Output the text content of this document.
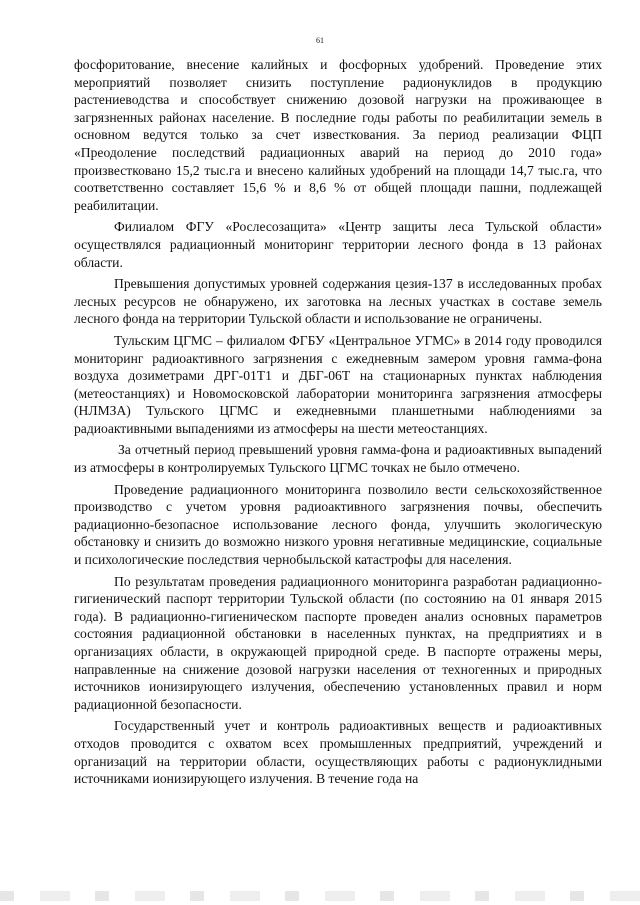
61

фосфоритование, внесение калийных и фосфорных удобрений. Проведение этих мероприятий позволяет снизить поступление радионуклидов в продукцию растениеводства и способствует снижению дозовой нагрузки на проживающее в загрязненных районах население. В последние годы работы по реабилитации земель в основном ведутся только за счет известкования. За период реализации ФЦП «Преодоление последствий радиационных аварий на период до 2010 года» произвестковано 15,2 тыс.га и внесено калийных удобрений на площади 14,7 тыс.га, что соответственно составляет 15,6 % и 8,6 % от общей площади пашни, подлежащей реабилитации.

Филиалом ФГУ «Рослесозащита» «Центр защиты леса Тульской области» осуществлялся радиационный мониторинг территории лесного фонда в 13 районах области.

Превышения допустимых уровней содержания цезия-137 в исследованных пробах лесных ресурсов не обнаружено, их заготовка на лесных участках в составе земель лесного фонда на территории Тульской области и использование не ограничены.

Тульским ЦГМС – филиалом ФГБУ «Центральное УГМС» в 2014 году проводился мониторинг радиоактивного загрязнения с ежедневным замером уровня гамма-фона воздуха дозиметрами ДРГ-01Т1 и ДБГ-06Т на стационарных пунктах наблюдения (метеостанциях) и Новомосковской лаборатории мониторинга загрязнения атмосферы (НЛМЗА) Тульского ЦГМС и ежедневными планшетными наблюдениями за радиоактивными выпадениями из атмосферы на шести метеостанциях.

За отчетный период превышений уровня гамма-фона и радиоактивных выпадений из атмосферы в контролируемых Тульского ЦГМС точках не было отмечено.

Проведение радиационного мониторинга позволило вести сельскохозяйственное производство с учетом уровня радиоактивного загрязнения почвы, обеспечить радиационно-безопасное использование лесного фонда, улучшить экологическую обстановку и снизить до возможно низкого уровня негативные медицинские, социальные и психологические последствия чернобыльской катастрофы для населения.

По результатам проведения радиационного мониторинга разработан радиационно-гигиенический паспорт территории Тульской области (по состоянию на 01 января 2015 года). В радиационно-гигиеническом паспорте проведен анализ основных параметров состояния радиационной обстановки в населенных пунктах, на предприятиях и в организациях области, в окружающей природной среде. В паспорте отражены меры, направленные на снижение дозовой нагрузки населения от техногенных и природных источников ионизирующего излучения, обеспечению установленных правил и норм радиационной безопасности.

Государственный учет и контроль радиоактивных веществ и радиоактивных отходов проводится с охватом всех промышленных предприятий, учреждений и организаций на территории области, осуществляющих работы с радионуклидными источниками ионизирующего излучения. В течение года на
